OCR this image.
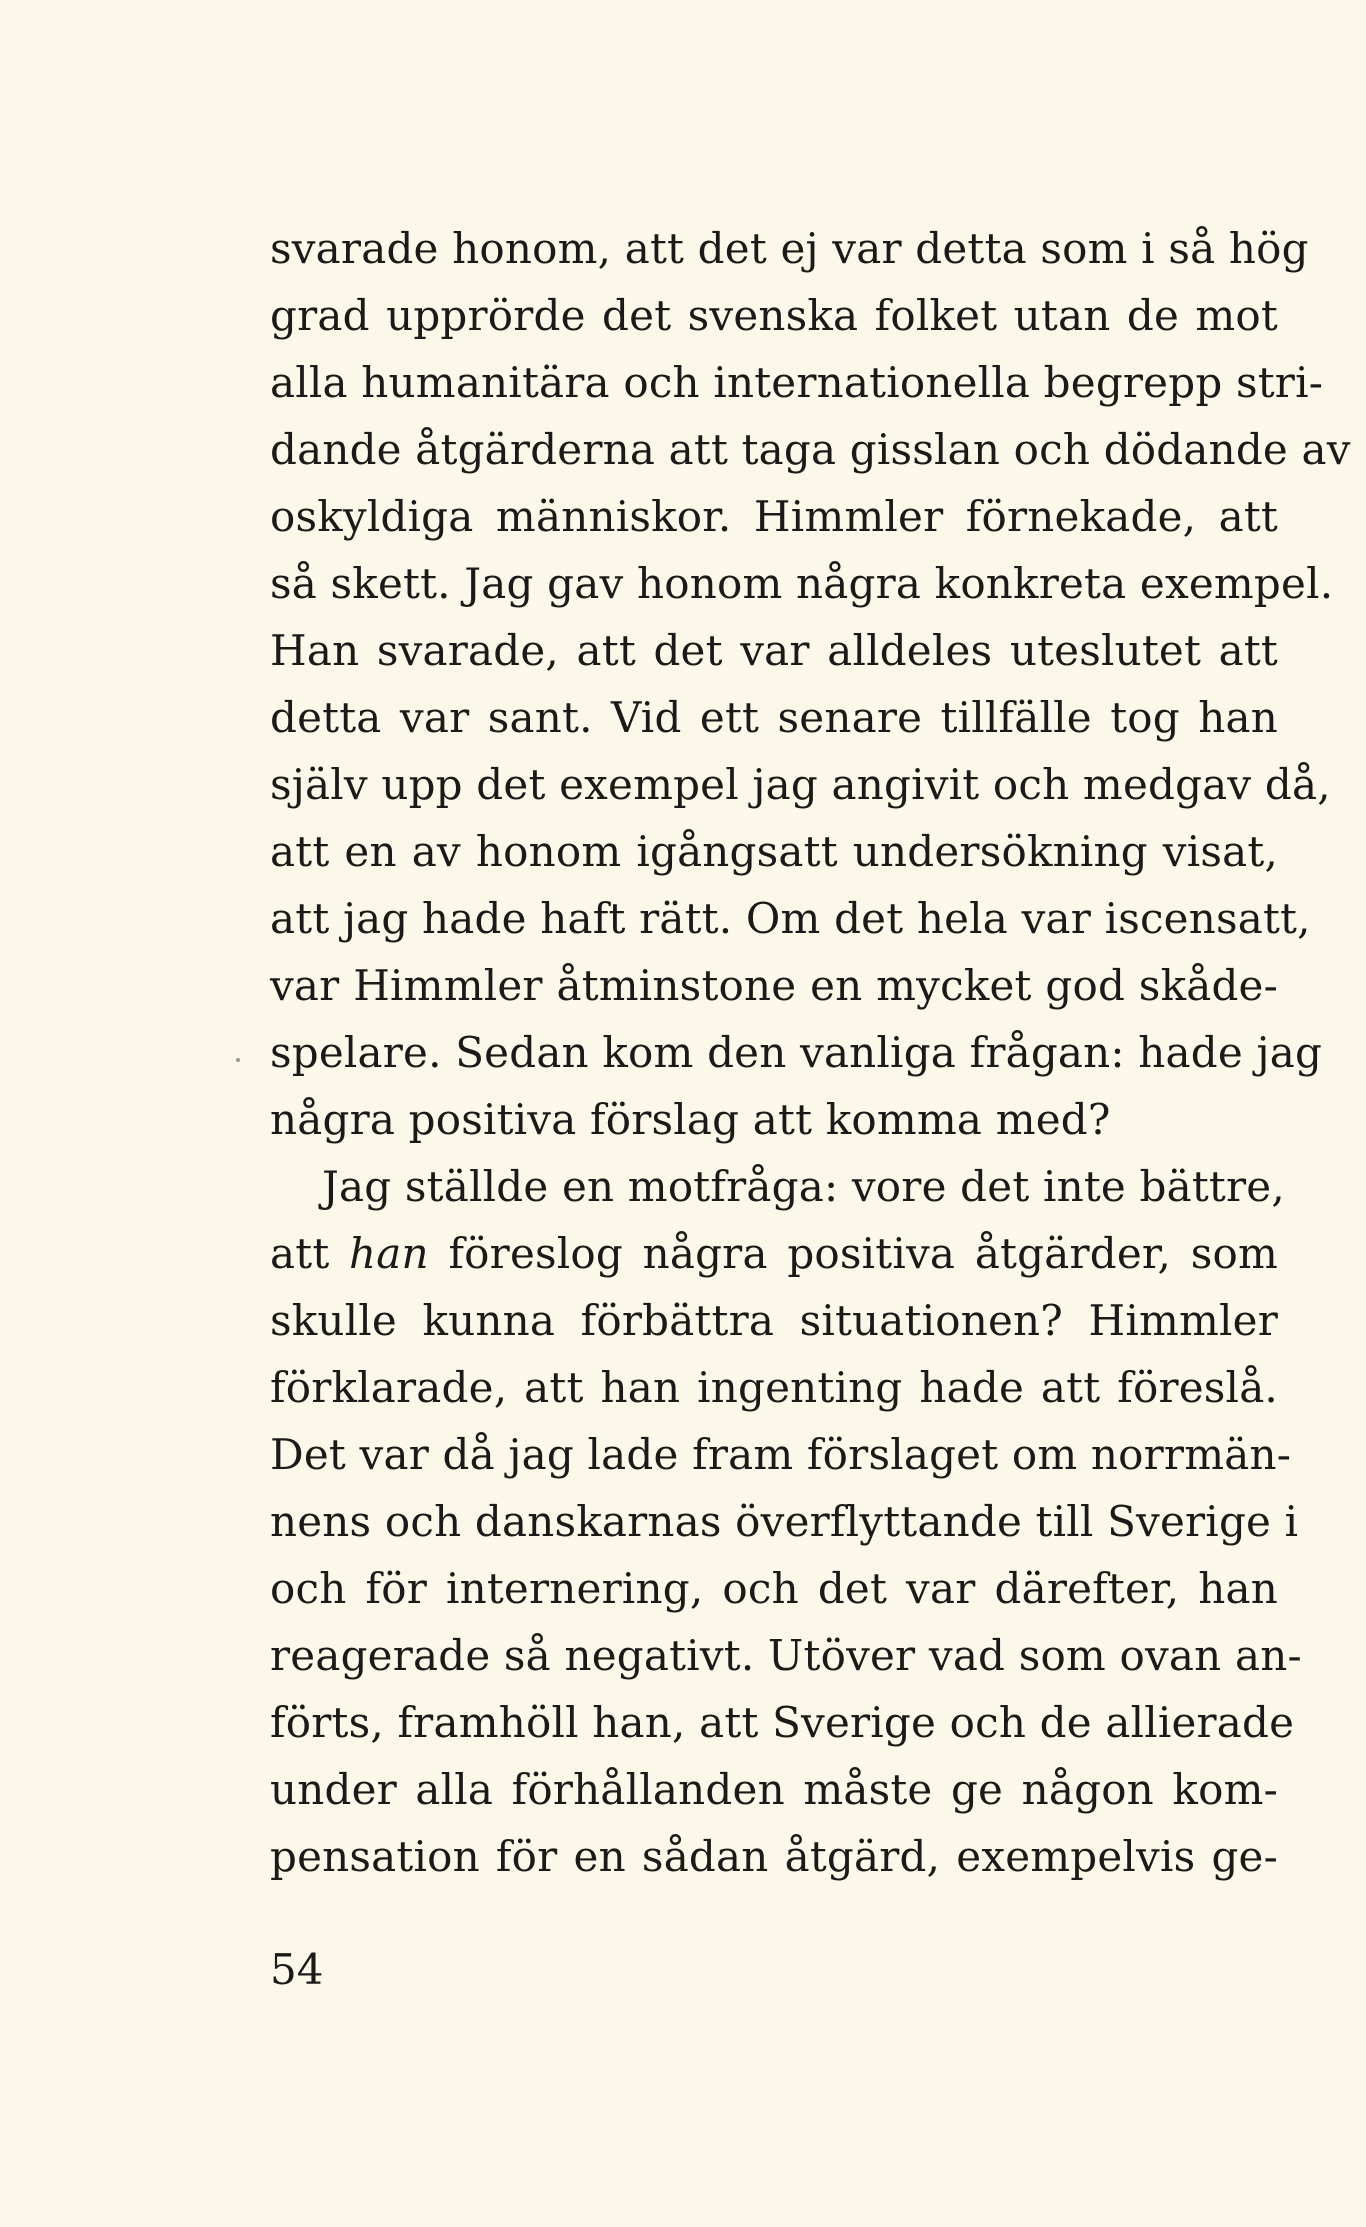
svarade honom, att det ej var detta som i så hög
grad upprörde det svenska folket utan de mot
alla humanitära och internationella begrepp stri-
dande åtgärderna att taga gisslan och dödande av
oskyldiga människor. Himmler förnekade, att
så skett. Jag gav honom några konkreta exempel.
Han svarade, att det var alldeles uteslutet att
detta var sant. Vid ett senare tillfälle tog han
själv upp det exempel jag angivit och medgav då,
att en av honom igångsatt undersökning visat,
att jag hade haft rätt. Om det hela var iscensatt,
var Himmler åtminstone en mycket god skåde-
spelare. Sedan kom den vanliga frågan: hade jag
några positiva förslag att komma med?
Jag ställde en motfråga: vore det inte bättre,
att han föreslog några positiva åtgärder, som
skulle kunna förbättra situationen? Himmler
förklarade, att han ingenting hade att föreslå.
Det var då jag lade fram förslaget om norrmän-
nens och danskarnas överflyttande till Sverige i
och för internering, och det var därefter, han
reagerade så negativt. Utöver vad som ovan an-
förts, framhöll han, att Sverige och de allierade
under alla förhållanden måste ge någon kom-
pensation för en sådan åtgärd, exempelvis ge-
54
